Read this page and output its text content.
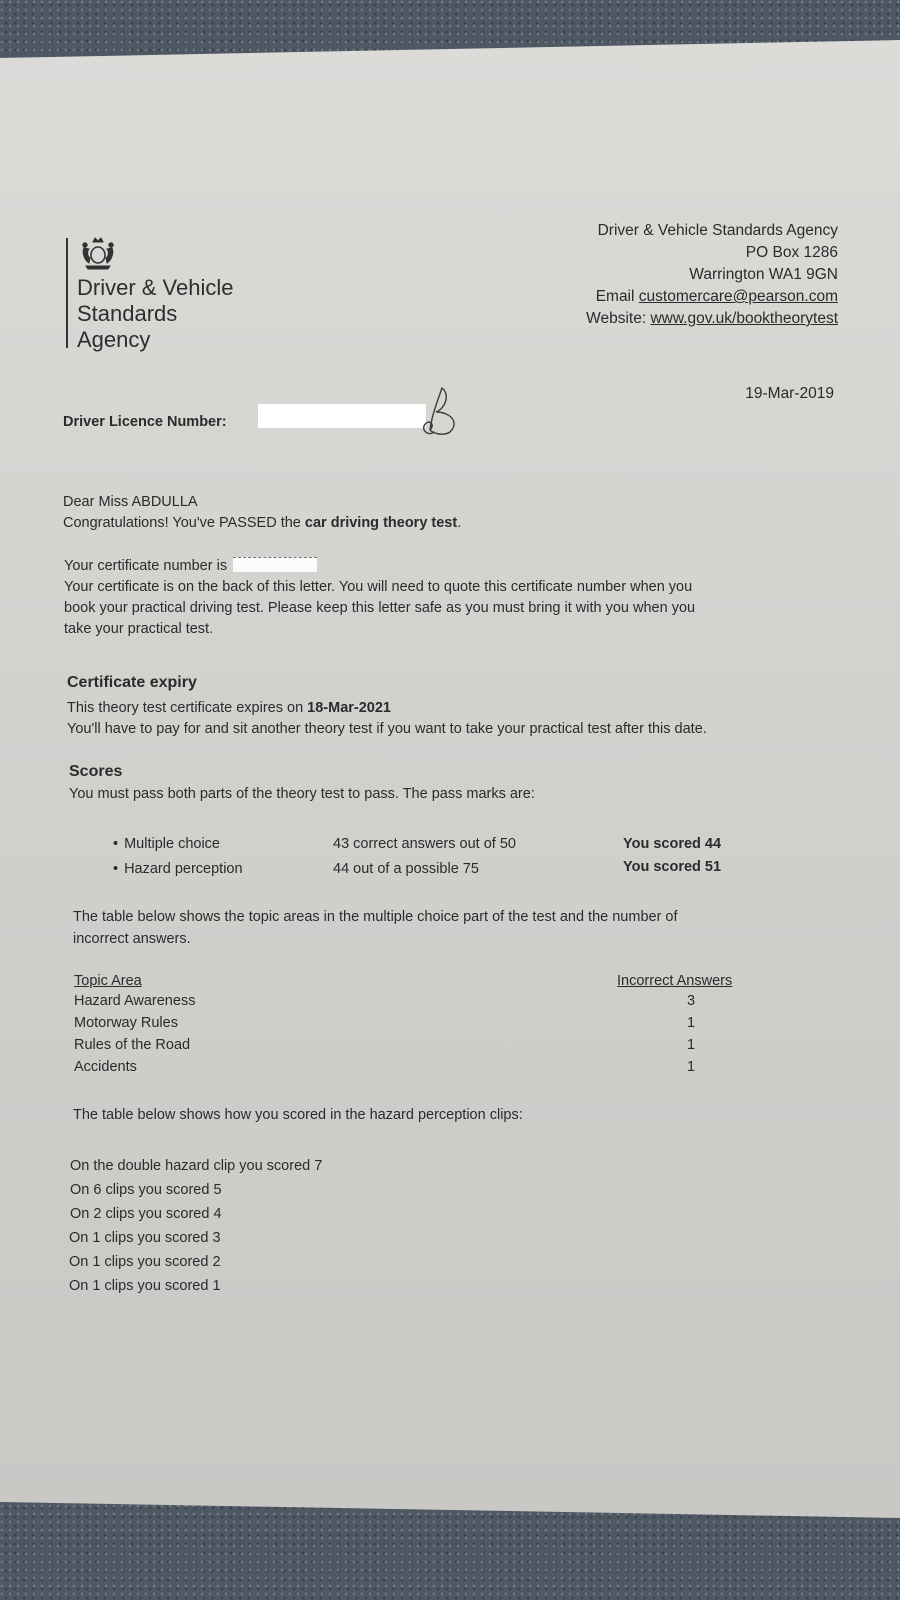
Driver & Vehicle
Standards
Agency
Driver & Vehicle Standards Agency
PO Box 1286
Warrington WA1 9GN
Email customercare@pearson.com
Website: www.gov.uk/booktheorytest
19-Mar-2019
Driver Licence Number:
Dear Miss ABDULLA
Congratulations! You've PASSED the car driving theory test.
Your certificate number is
Your certificate is on the back of this letter. You will need to quote this certificate number when you
book your practical driving test. Please keep this letter safe as you must bring it with you when you
take your practical test.
Certificate expiry
This theory test certificate expires on 18-Mar-2021
You'll have to pay for and sit another theory test if you want to take your practical test after this date.
Scores
You must pass both parts of the theory test to pass. The pass marks are:
• Multiple choice	43 correct answers out of 50	You scored 44
• Hazard perception	44 out of a possible 75	You scored 51
The table below shows the topic areas in the multiple choice part of the test and the number of
incorrect answers.
Topic Area	Incorrect Answers
Hazard Awareness	3
Motorway Rules	1
Rules of the Road	1
Accidents	1
The table below shows how you scored in the hazard perception clips:
On the double hazard clip you scored 7
On 6 clips you scored 5
On 2 clips you scored 4
On 1 clips you scored 3
On 1 clips you scored 2
On 1 clips you scored 1
